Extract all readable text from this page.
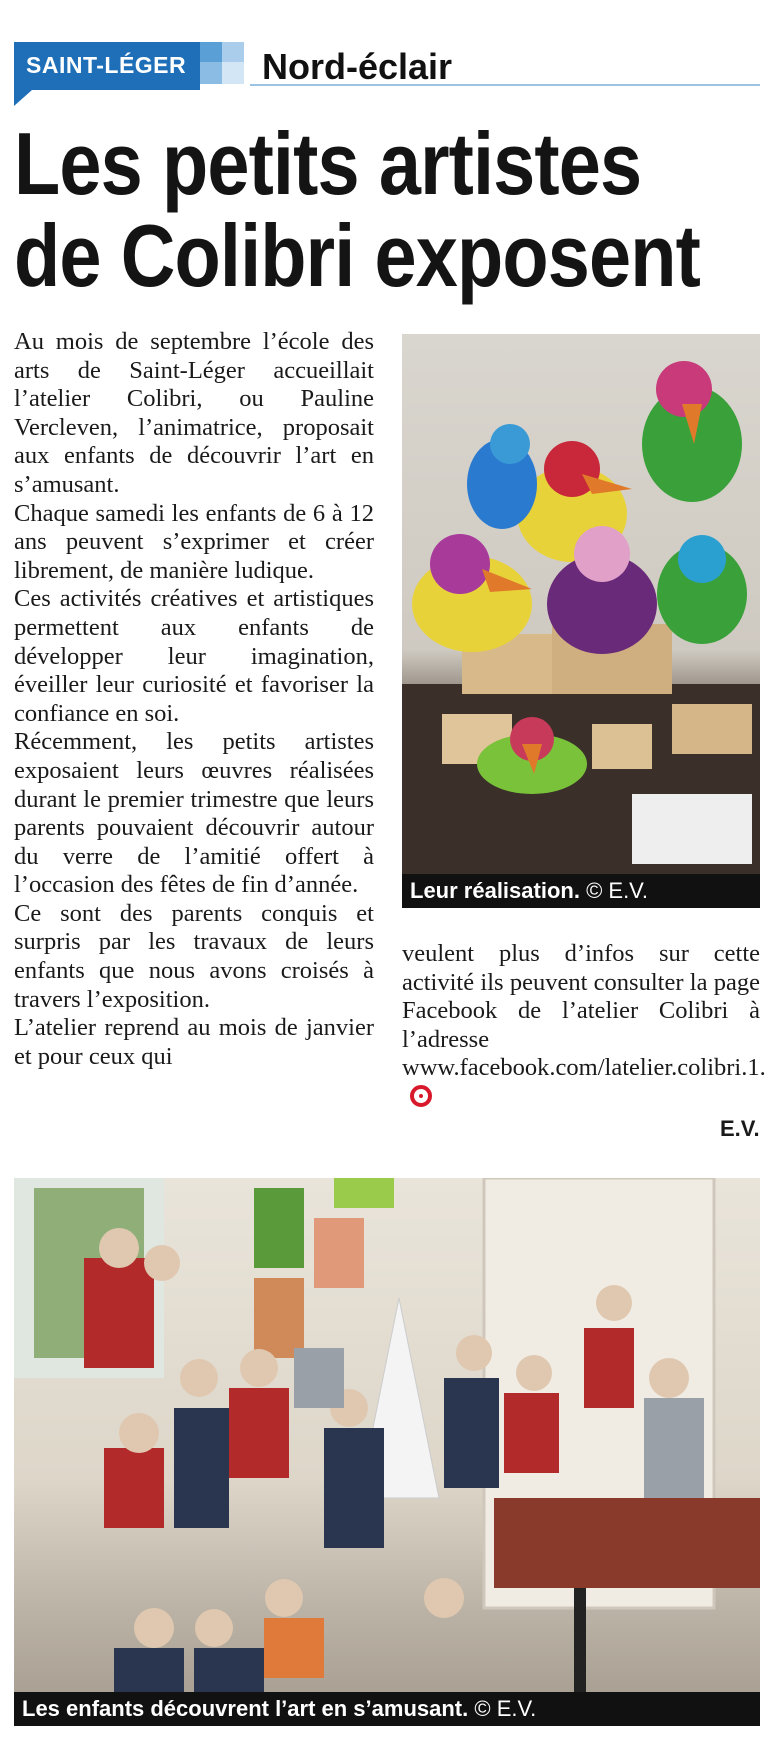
SAINT-LÉGER Nord-éclair
Les petits artistes
de Colibri exposent

Au mois de septembre l’école des arts de Saint-Léger accueillait l’atelier Colibri, ou Pauline Vercleven, l’animatrice, proposait aux enfants de découvrir l’art en s’amusant.

Chaque samedi les enfants de 6 à 12 ans peuvent s’exprimer et créer librement, de manière ludique.

Ces activités créatives et artistiques permettent aux enfants de développer leur imagination, éveiller leur curiosité et favoriser la confiance en soi.

Récemment, les petits artistes exposaient leurs œuvres réalisées durant le premier trimestre que leurs parents pouvaient découvrir autour du verre de l’amitié offert à l’occasion des fêtes de fin d’année.

Ce sont des parents conquis et surpris par les travaux de leurs enfants que nous avons croisés à travers l’exposition.

L’atelier reprend au mois de janvier et pour ceux qui

Leur réalisation. © E.V.

veulent plus d’infos sur cette activité ils peuvent consulter la page Facebook de l’atelier Colibri à l’adresse www.facebook.com/latelier.colibri.1.

E.V.
Les enfants découvrent l’art en s’amusant. © E.V.
